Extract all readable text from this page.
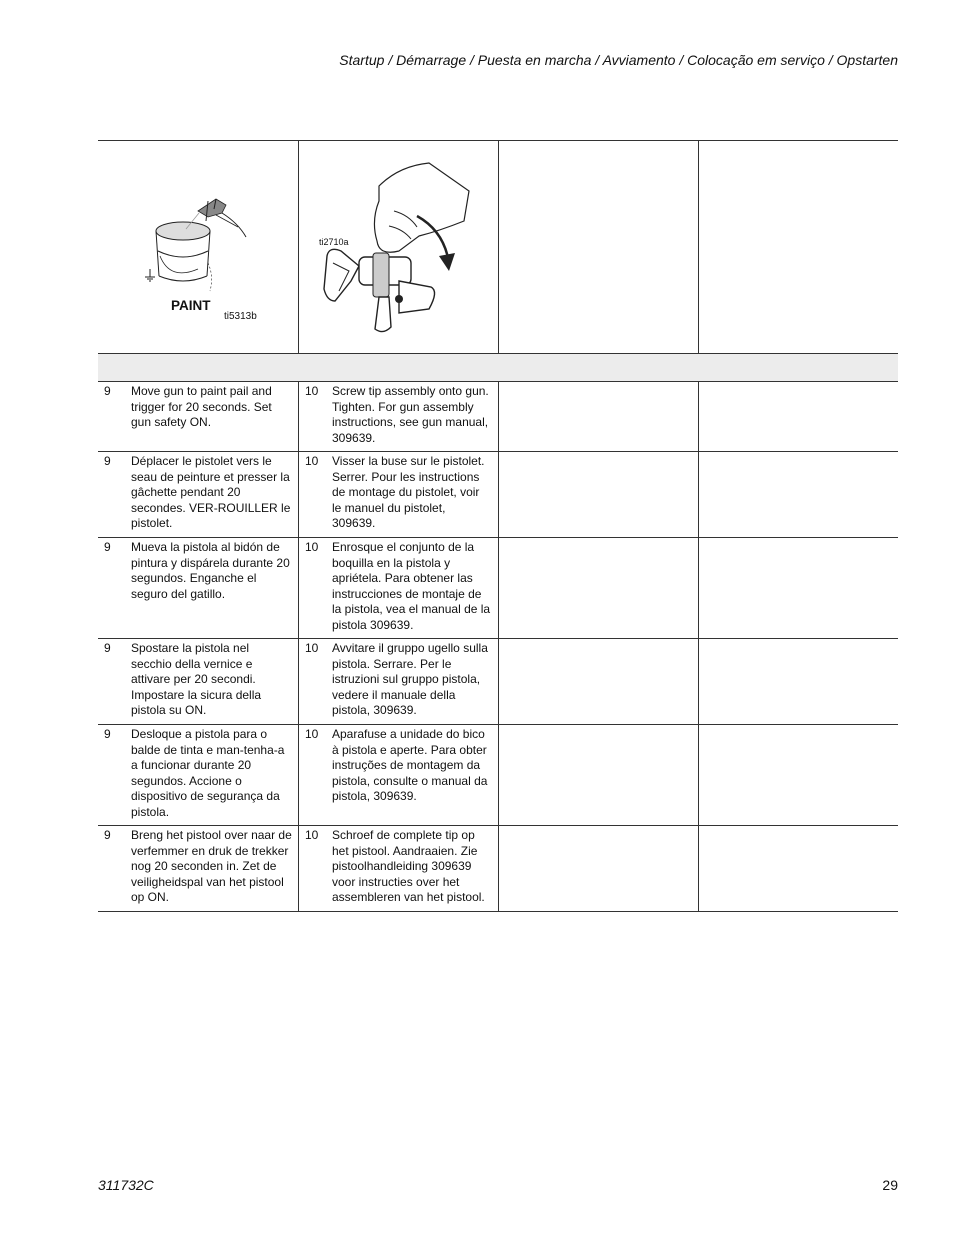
Startup / Démarrage / Puesta en marcha / Avviamento / Colocação em serviço / Opstarten
PAINT
ti5313b
ti2710a
9	Move gun to paint pail and trigger for 20 seconds. Set gun safety ON.
10	Screw tip assembly onto gun. Tighten. For gun assembly instructions, see gun manual, 309639.
9	Déplacer le pistolet vers le seau de peinture et presser la gâchette pendant 20 secondes. VER-ROUILLER le pistolet.
10	Visser la buse sur le pistolet. Serrer. Pour les instructions de montage du pistolet, voir le manuel du pistolet, 309639.
9	Mueva la pistola al bidón de pintura y dispárela durante 20 segundos. Enganche el seguro del gatillo.
10	Enrosque el conjunto de la boquilla en la pistola y apriétela. Para obtener las instrucciones de montaje de la pistola, vea el manual de la pistola 309639.
9	Spostare la pistola nel secchio della vernice e attivare per 20 secondi. Impostare la sicura della pistola su ON.
10	Avvitare il gruppo ugello sulla pistola. Serrare. Per le istruzioni sul gruppo pistola, vedere il manuale della pistola, 309639.
9	Desloque a pistola para o balde de tinta e man-tenha-a a funcionar durante 20 segundos. Accione o dispositivo de segurança da pistola.
10	Aparafuse a unidade do bico à pistola e aperte. Para obter instruções de montagem da pistola, consulte o manual da pistola, 309639.
9	Breng het pistool over naar de verfemmer en druk de trekker nog 20 seconden in. Zet de veiligheidspal van het pistool op ON.
10	Schroef de complete tip op het pistool. Aandraaien. Zie pistoolhandleiding 309639 voor instructies over het assembleren van het pistool.
311732C	29
